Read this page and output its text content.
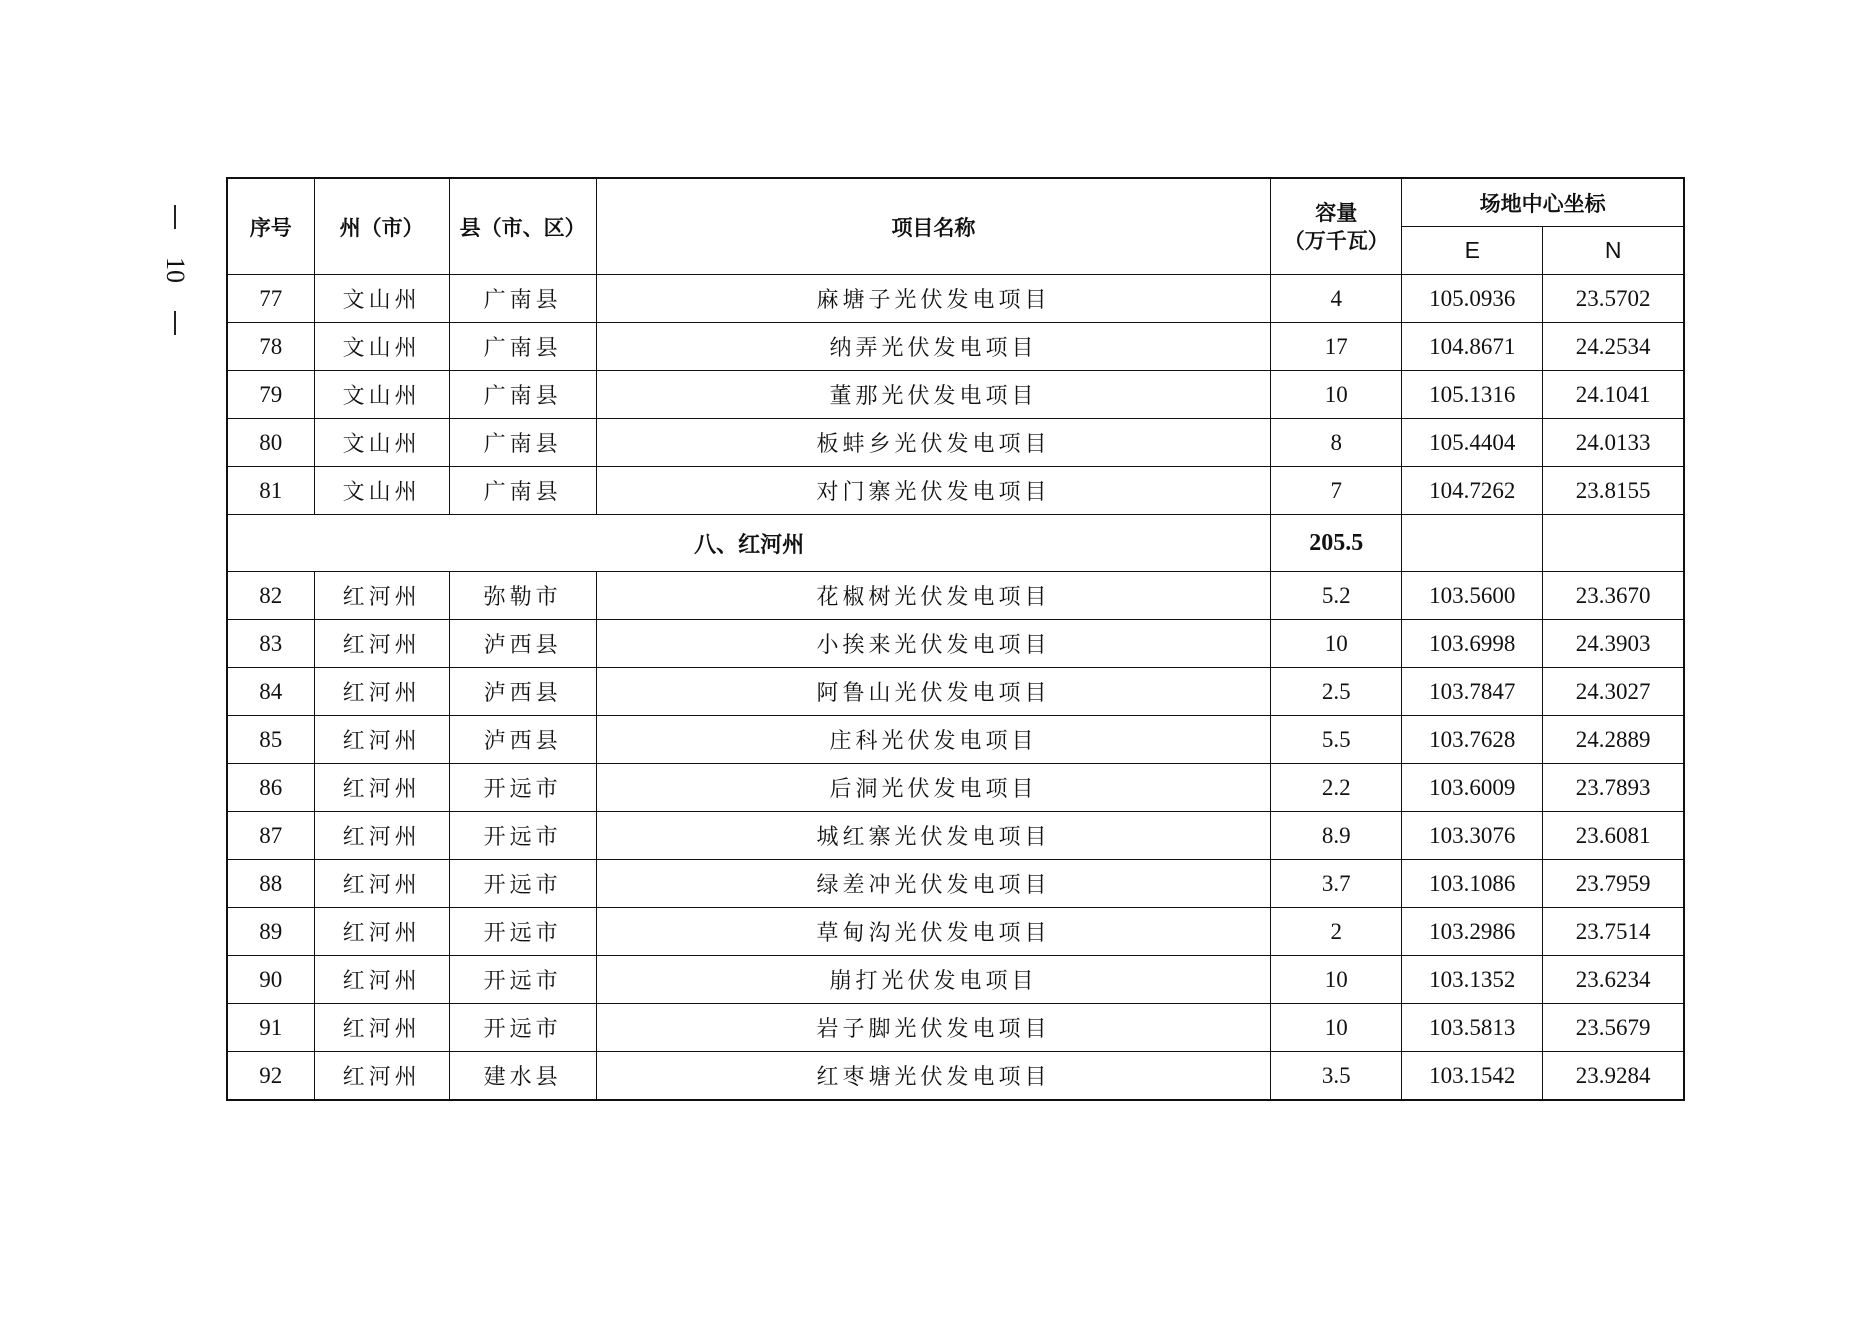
10
序号	州（市）	县（市、区）	项目名称	容量
（万千瓦）	场地中心坐标	
					E	N
77	文山州	广南县	麻塘子光伏发电项目	4	105.0936	23.5702
78	文山州	广南县	纳弄光伏发电项目	17	104.8671	24.2534
79	文山州	广南县	董那光伏发电项目	10	105.1316	24.1041
80	文山州	广南县	板蚌乡光伏发电项目	8	105.4404	24.0133
81	文山州	广南县	对门寨光伏发电项目	7	104.7262	23.8155
八、红河州				205.5		
82	红河州	弥勒市	花椒树光伏发电项目	5.2	103.5600	23.3670
83	红河州	泸西县	小挨来光伏发电项目	10	103.6998	24.3903
84	红河州	泸西县	阿鲁山光伏发电项目	2.5	103.7847	24.3027
85	红河州	泸西县	庄科光伏发电项目	5.5	103.7628	24.2889
86	红河州	开远市	后洞光伏发电项目	2.2	103.6009	23.7893
87	红河州	开远市	城红寨光伏发电项目	8.9	103.3076	23.6081
88	红河州	开远市	绿差冲光伏发电项目	3.7	103.1086	23.7959
89	红河州	开远市	草甸沟光伏发电项目	2	103.2986	23.7514
90	红河州	开远市	崩打光伏发电项目	10	103.1352	23.6234
91	红河州	开远市	岩子脚光伏发电项目	10	103.5813	23.5679
92	红河州	建水县	红枣塘光伏发电项目	3.5	103.1542	23.9284
